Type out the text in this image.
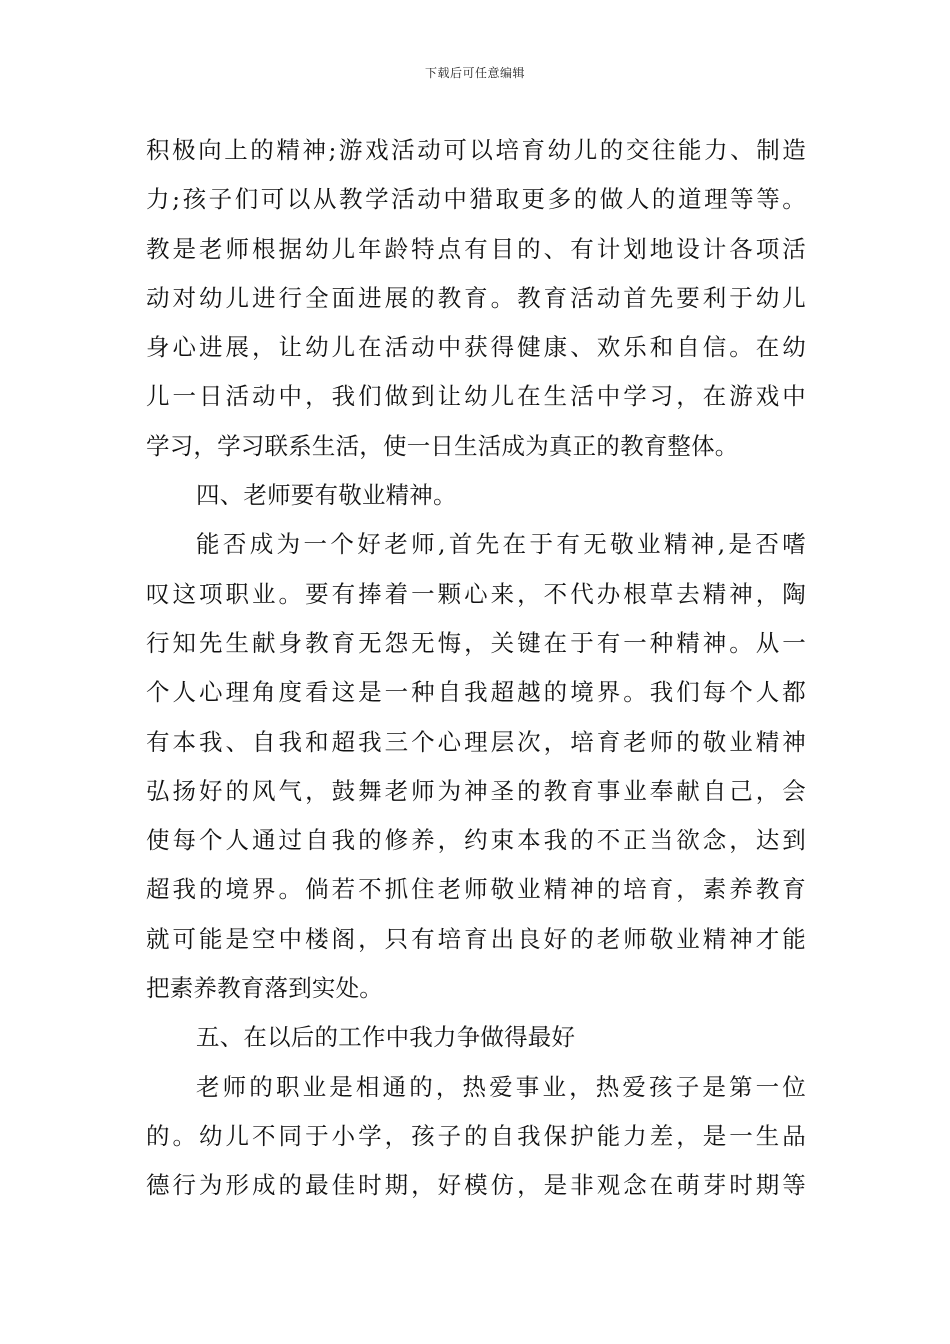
下载后可任意编辑
积极向上的精神;游戏活动可以培育幼儿的交往能力、制造
力;孩子们可以从教学活动中猎取更多的做人的道理等等。
教是老师根据幼儿年龄特点有目的、有计划地设计各项活
动对幼儿进行全面进展的教育。教育活动首先要利于幼儿
身心进展，让幼儿在活动中获得健康、欢乐和自信。在幼
儿一日活动中，我们做到让幼儿在生活中学习，在游戏中
学习，学习联系生活，使一日生活成为真正的教育整体。
四、老师要有敬业精神。
能否成为一个好老师,首先在于有无敬业精神,是否嗜
叹这项职业。要有捧着一颗心来，不代办根草去精神，陶
行知先生献身教育无怨无悔，关键在于有一种精神。从一
个人心理角度看这是一种自我超越的境界。我们每个人都
有本我、自我和超我三个心理层次，培育老师的敬业精神
弘扬好的风气，鼓舞老师为神圣的教育事业奉献自己，会
使每个人通过自我的修养，约束本我的不正当欲念，达到
超我的境界。倘若不抓住老师敬业精神的培育，素养教育
就可能是空中楼阁，只有培育出良好的老师敬业精神才能
把素养教育落到实处。
五、在以后的工作中我力争做得最好
老师的职业是相通的，热爱事业，热爱孩子是第一位
的。幼儿不同于小学，孩子的自我保护能力差，是一生品
德行为形成的最佳时期，好模仿，是非观念在萌芽时期等
